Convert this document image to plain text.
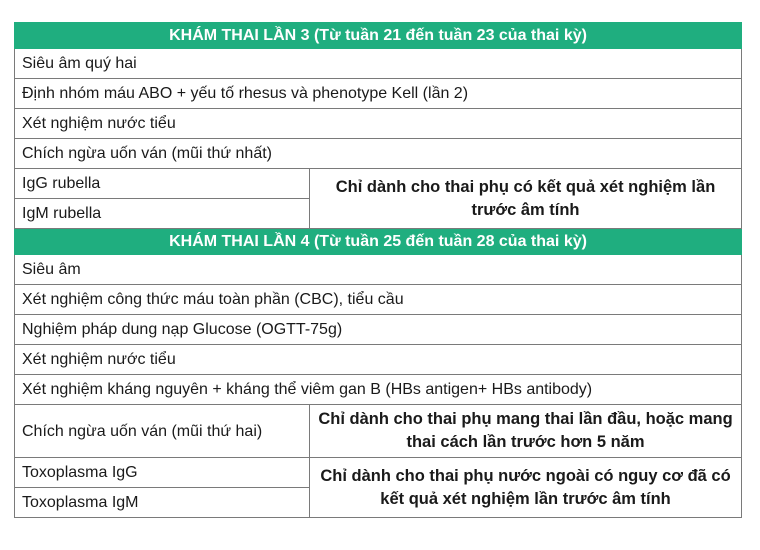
KHÁM THAI LẦN 3 (Từ tuần 21 đến tuần 23 của thai kỳ)	
Siêu âm quý hai	
Định nhóm máu ABO + yếu tố rhesus và phenotype Kell (lần 2)	
Xét nghiệm nước tiểu	
Chích ngừa uốn ván (mũi thứ nhất)	
IgG rubella	Chỉ dành cho thai phụ có kết quả xét nghiệm lần trước âm tính
IgM rubella	
KHÁM THAI LẦN 4 (Từ tuần 25 đến tuần 28 của thai kỳ)	
Siêu âm	
Xét nghiệm công thức máu toàn phần (CBC), tiểu cầu	
Nghiệm pháp dung nạp Glucose (OGTT-75g)	
Xét nghiệm nước tiểu	
Xét nghiệm kháng nguyên + kháng thể viêm gan B (HBs antigen+ HBs antibody)	
Chích ngừa uốn ván (mũi thứ hai)	Chỉ dành cho thai phụ mang thai lần đầu, hoặc mang thai cách lần trước hơn 5 năm
Toxoplasma IgG	Chỉ dành cho thai phụ nước ngoài có nguy cơ đã có kết quả xét nghiệm lần trước âm tính
Toxoplasma IgM	
